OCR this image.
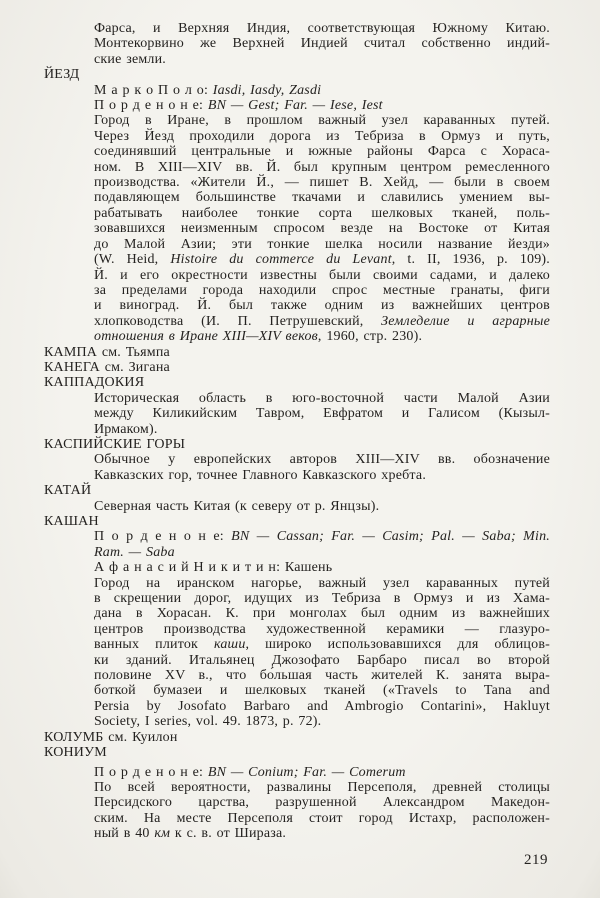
Фарса, и Верхняя Индия, соответствующая Южному Китаю.
Монтекорвино же Верхней Индией считал собственно индий-
ские земли.
ЙЕЗД
М а р к о П о л о: Iasdi, Iasdy, Zasdi
П о р д е н о н е: BN — Gest; Far. — Iese, Iest
Город в Иране, в прошлом важный узел караванных путей.
Через Йезд проходили дорога из Тебриза в Ормуз и путь,
соединявший центральные и южные районы Фарса с Хораса-
ном. В XIII—XIV вв. Й. был крупным центром ремесленного
производства. «Жители Й., — пишет В. Хейд, — были в своем
подавляющем большинстве ткачами и славились умением вы-
рабатывать наиболее тонкие сорта шелковых тканей, поль-
зовавшихся неизменным спросом везде на Востоке от Китая
до Малой Азии; эти тонкие шелка носили название йезди»
(W. Heid, Histoire du commerce du Levant, t. II, 1936, p. 109).
Й. и его окрестности известны были своими садами, и далеко
за пределами города находили спрос местные гранаты, фиги
и виноград. Й. был также одним из важнейших центров
хлопководства (И. П. Петрушевский, Земледелие и аграрные
отношения в Иране XIII—XIV веков, 1960, стр. 230).
КАМПА см. Тьямпа
КАНЕГА см. Зигана
КАППАДОКИЯ
Историческая область в юго-восточной части Малой Азии
между Киликийским Тавром, Евфратом и Галисом (Кызыл-
Ирмаком).
КАСПИЙСКИЕ ГОРЫ
Обычное у европейских авторов XIII—XIV вв. обозначение
Кавказских гор, точнее Главного Кавказского хребта.
КАТАЙ
Северная часть Китая (к северу от р. Янцзы).
КАШАН
П о р д е н о н е: BN — Cassan; Far. — Casim; Pal. — Saba; Min.
Ram. — Saba
А ф а н а с и й Н и к и т и н: Кашень
Город на иранском нагорье, важный узел караванных путей
в скрещении дорог, идущих из Тебриза в Ормуз и из Хама-
дана в Хорасан. К. при монголах был одним из важнейших
центров производства художественной керамики — глазуро-
ванных плиток каши, широко использовавшихся для облицов-
ки зданий. Итальянец Джозофато Барбаро писал во второй
половине XV в., что бо́льшая часть жителей К. занята выра-
боткой бумазеи и шелковых тканей («Travels to Tana and
Persia by Josofato Barbaro and Ambrogio Contarini», Hakluyt
Society, I series, vol. 49. 1873, p. 72).
КОЛУМБ см. Куилон
КОНИУМ
П о р д е н о н е: BN — Conium; Far. — Comerum
По всей вероятности, развалины Персеполя, древней столицы
Персидского царства, разрушенной Александром Македон-
ским. На месте Персеполя стоит город Истахр, расположен-
ный в 40 км к с. в. от Шираза.
219
